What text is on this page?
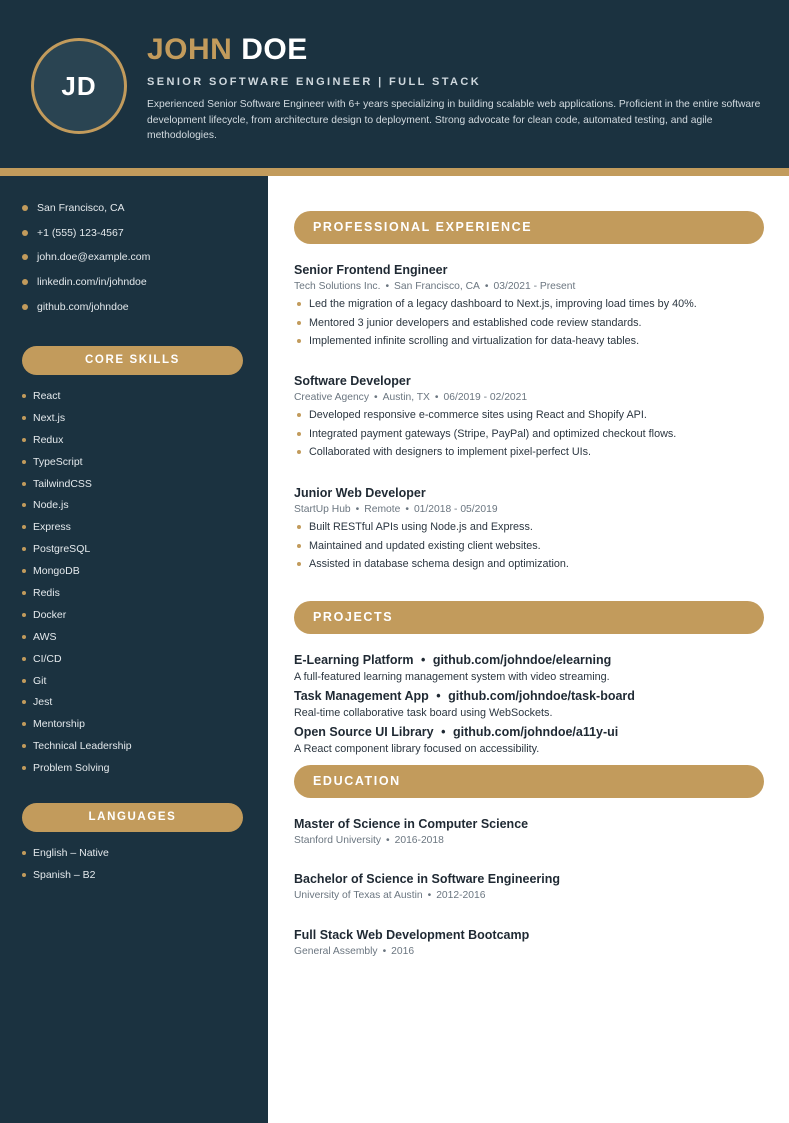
JD
JOHN DOE
SENIOR SOFTWARE ENGINEER | FULL STACK
Experienced Senior Software Engineer with 6+ years specializing in building scalable web applications. Proficient in the entire software development lifecycle, from architecture design to deployment. Strong advocate for clean code, automated testing, and agile methodologies.
San Francisco, CA
+1 (555) 123-4567
john.doe@example.com
linkedin.com/in/johndoe
github.com/johndoe
CORE SKILLS
React
Next.js
Redux
TypeScript
TailwindCSS
Node.js
Express
PostgreSQL
MongoDB
Redis
Docker
AWS
CI/CD
Git
Jest
Mentorship
Technical Leadership
Problem Solving
LANGUAGES
English – Native
Spanish – B2
PROFESSIONAL EXPERIENCE
Senior Frontend Engineer
Tech Solutions Inc. • San Francisco, CA • 03/2021 - Present
Led the migration of a legacy dashboard to Next.js, improving load times by 40%.
Mentored 3 junior developers and established code review standards.
Implemented infinite scrolling and virtualization for data-heavy tables.
Software Developer
Creative Agency • Austin, TX • 06/2019 - 02/2021
Developed responsive e-commerce sites using React and Shopify API.
Integrated payment gateways (Stripe, PayPal) and optimized checkout flows.
Collaborated with designers to implement pixel-perfect UIs.
Junior Web Developer
StartUp Hub • Remote • 01/2018 - 05/2019
Built RESTful APIs using Node.js and Express.
Maintained and updated existing client websites.
Assisted in database schema design and optimization.
PROJECTS
E-Learning Platform • github.com/johndoe/elearning
A full-featured learning management system with video streaming.
Task Management App • github.com/johndoe/task-board
Real-time collaborative task board using WebSockets.
Open Source UI Library • github.com/johndoe/a11y-ui
A React component library focused on accessibility.
EDUCATION
Master of Science in Computer Science
Stanford University • 2016-2018
Bachelor of Science in Software Engineering
University of Texas at Austin • 2012-2016
Full Stack Web Development Bootcamp
General Assembly • 2016
